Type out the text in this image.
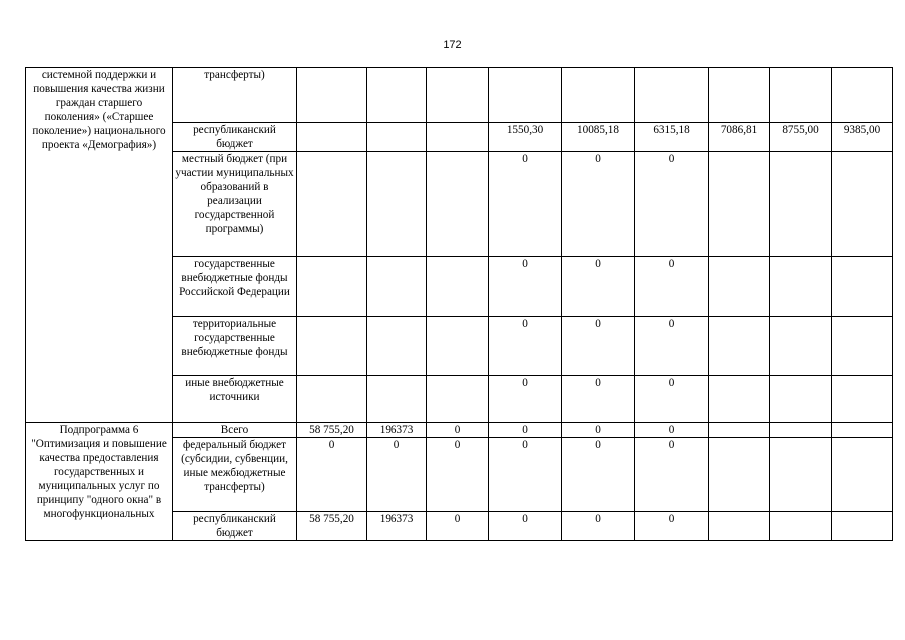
172
системной поддержки и повышения качества жизни граждан старшего поколения» («Старшее поколение») национального проекта «Демография»)	трансферты)									
	республиканский бюджет				1550,30	10085,18	6315,18	7086,81	8755,00	9385,00
	местный бюджет (при участии муниципальных образований в реализации государственной программы)				0	0	0			
	государственные внебюджетные фонды Российской Федерации				0	0	0			
	территориальные государственные внебюджетные фонды				0	0	0			
	иные внебюджетные источники				0	0	0			
Подпрограмма 6 "Оптимизация и повышение качества предоставления государственных и муниципальных услуг по принципу "одного окна" в многофункциональных	Всего	58 755,20	196373	0	0	0	0			
	федеральный бюджет (субсидии, субвенции, иные межбюджетные трансферты)	0	0	0	0	0	0			
	республиканский бюджет	58 755,20	196373	0	0	0	0			
